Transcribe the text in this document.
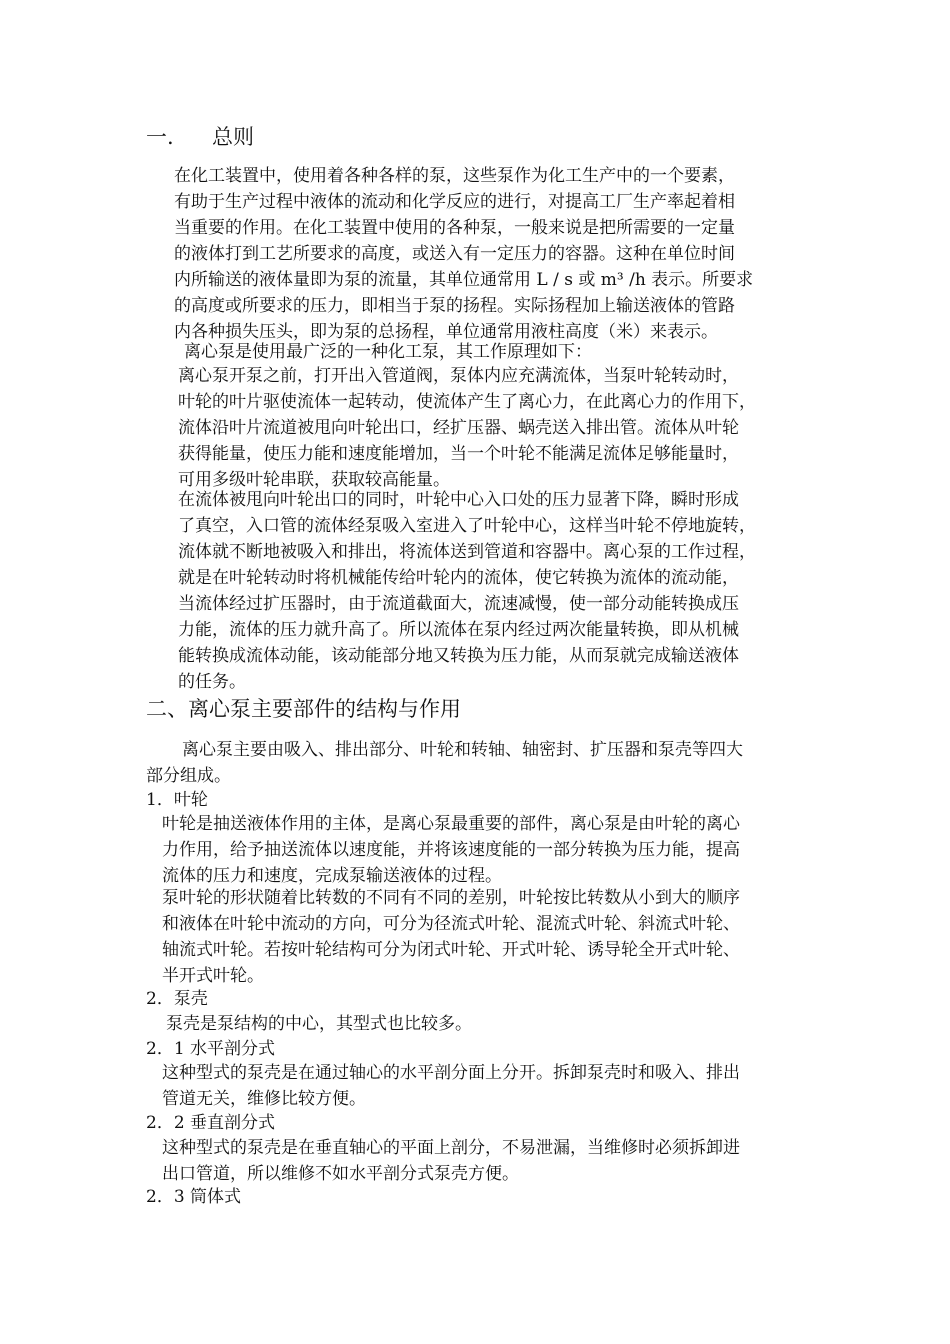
一. 总则
在化工装置中，使用着各种各样的泵，这些泵作为化工生产中的一个要素，
有助于生产过程中液体的流动和化学反应的进行，对提高工厂生产率起着相
当重要的作用。在化工装置中使用的各种泵，一般来说是把所需要的一定量
的液体打到工艺所要求的高度，或送入有一定压力的容器。这种在单位时间
内所输送的液体量即为泵的流量，其单位通常用 L / s 或 m³ /h 表示。所要求
的高度或所要求的压力，即相当于泵的扬程。实际扬程加上输送液体的管路
内各种损失压头，即为泵的总扬程，单位通常用液柱高度（米）来表示。
离心泵是使用最广泛的一种化工泵，其工作原理如下：
离心泵开泵之前，打开出入管道阀，泵体内应充满流体，当泵叶轮转动时，
叶轮的叶片驱使流体一起转动，使流体产生了离心力，在此离心力的作用下，
流体沿叶片流道被甩向叶轮出口，经扩压器、蜗壳送入排出管。流体从叶轮
获得能量，使压力能和速度能增加，当一个叶轮不能满足流体足够能量时，
可用多级叶轮串联，获取较高能量。
在流体被甩向叶轮出口的同时，叶轮中心入口处的压力显著下降，瞬时形成
了真空，入口管的流体经泵吸入室进入了叶轮中心，这样当叶轮不停地旋转，
流体就不断地被吸入和排出，将流体送到管道和容器中。离心泵的工作过程，
就是在叶轮转动时将机械能传给叶轮内的流体，使它转换为流体的流动能，
当流体经过扩压器时，由于流道截面大，流速减慢，使一部分动能转换成压
力能，流体的压力就升高了。所以流体在泵内经过两次能量转换，即从机械
能转换成流体动能，该动能部分地又转换为压力能，从而泵就完成输送液体
的任务。
二、离心泵主要部件的结构与作用
离心泵主要由吸入、排出部分、叶轮和转轴、轴密封、扩压器和泵壳等四大
部分组成。
1．叶轮
叶轮是抽送液体作用的主体，是离心泵最重要的部件，离心泵是由叶轮的离心
力作用，给予抽送流体以速度能，并将该速度能的一部分转换为压力能，提高
流体的压力和速度，完成泵输送液体的过程。
泵叶轮的形状随着比转数的不同有不同的差别，叶轮按比转数从小到大的顺序
和液体在叶轮中流动的方向，可分为径流式叶轮、混流式叶轮、斜流式叶轮、
轴流式叶轮。若按叶轮结构可分为闭式叶轮、开式叶轮、诱导轮全开式叶轮、
半开式叶轮。
2．泵壳
泵壳是泵结构的中心，其型式也比较多。
2．1 水平剖分式
这种型式的泵壳是在通过轴心的水平剖分面上分开。拆卸泵壳时和吸入、排出
管道无关，维修比较方便。
2．2 垂直剖分式
这种型式的泵壳是在垂直轴心的平面上剖分，不易泄漏，当维修时必须拆卸进
出口管道，所以维修不如水平剖分式泵壳方便。
2．3 筒体式
